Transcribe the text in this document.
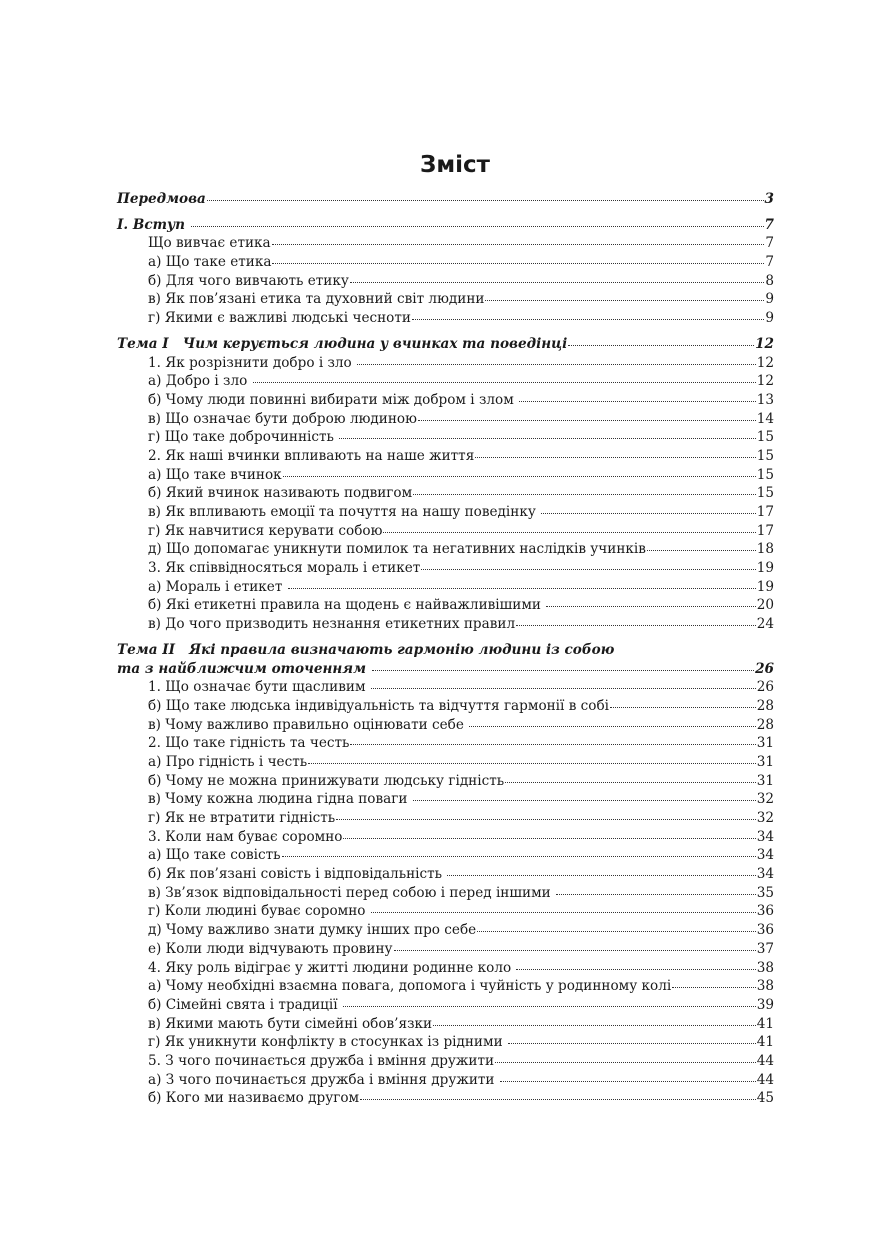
Зміст
Передмова	3
I. Вступ	7
Що вивчає етика	7
а) Що таке етика	7
б) Для чого вивчають етику	8
в) Як пов’язані етика та духовний світ людини	9
г) Якими є важливі людські чесноти	9
Тема I   Чим керується людина у вчинках та поведінці	12
1. Як розрізнити добро і зло	12
а) Добро і зло	12
б) Чому люди повинні вибирати між добром і злом	13
в) Що означає бути доброю людиною	14
г) Що таке доброчинність	15
2. Як наші вчинки впливають на наше життя	15
а) Що таке вчинок	15
б) Який вчинок називають подвигом	15
в) Як впливають емоції та почуття на нашу поведінку	17
г) Як навчитися керувати собою	17
д) Що допомагає уникнути помилок та негативних наслідків учинків	18
3. Як співвідносяться мораль і етикет	19
а) Мораль і етикет	19
б) Які етикетні правила на щодень є найважливішими	20
в) До чого призводить незнання етикетних правил	24
Тема II   Які правила визначають гармонію людини із собою
та з найближчим оточенням	26
1. Що означає бути щасливим	26
б) Що таке людська індивідуальність та відчуття гармонії в собі	28
в) Чому важливо правильно оцінювати себе	28
2. Що таке гідність та честь	31
а) Про гідність і честь	31
б) Чому не можна принижувати людську гідність	31
в) Чому кожна людина гідна поваги	32
г) Як не втратити гідність	32
3. Коли нам буває соромно	34
а) Що таке совість	34
б) Як пов’язані совість і відповідальність	34
в) Зв’язок відповідальності перед собою і перед іншими	35
г) Коли людині буває соромно	36
д) Чому важливо знати думку інших про себе	36
е) Коли люди відчувають провину	37
4. Яку роль відіграє у житті людини родинне коло	38
а) Чому необхідні взаємна повага, допомога і чуйність у родинному колі	38
б) Сімейні свята і традиції	39
в) Якими мають бути сімейні обов’язки	41
г) Як уникнути конфлікту в стосунках із рідними	41
5. З чого починається дружба і вміння дружити	44
а) З чого починається дружба і вміння дружити	44
б) Кого ми називаємо другом	45
